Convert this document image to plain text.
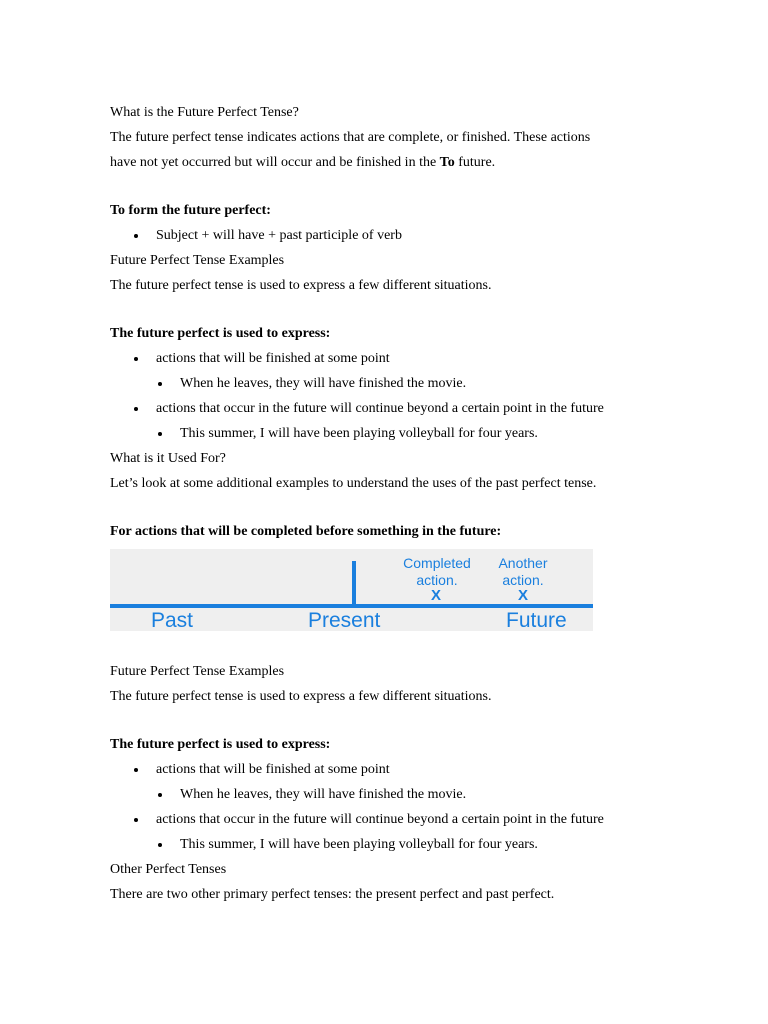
What is the Future Perfect Tense?

The future perfect tense indicates actions that are complete, or finished. These actions

have not yet occurred but will occur and be finished in the To future.

To form the future perfect:

Subject + will have + past participle of verb

Future Perfect Tense Examples

The future perfect tense is used to express a few different situations.

The future perfect is used to express:

actions that will be finished at some point

When he leaves, they will have finished the movie.

actions that occur in the future will continue beyond a certain point in the future

This summer, I will have been playing volleyball for four years.

What is it Used For?

Let’s look at some additional examples to understand the uses of the past perfect tense.

For actions that will be completed before something in the future:

Completed
action.
Another
action.
X	X
Past	Present	Future

Future Perfect Tense Examples

The future perfect tense is used to express a few different situations.

The future perfect is used to express:

actions that will be finished at some point

When he leaves, they will have finished the movie.

actions that occur in the future will continue beyond a certain point in the future

This summer, I will have been playing volleyball for four years.

Other Perfect Tenses

There are two other primary perfect tenses: the present perfect and past perfect.
